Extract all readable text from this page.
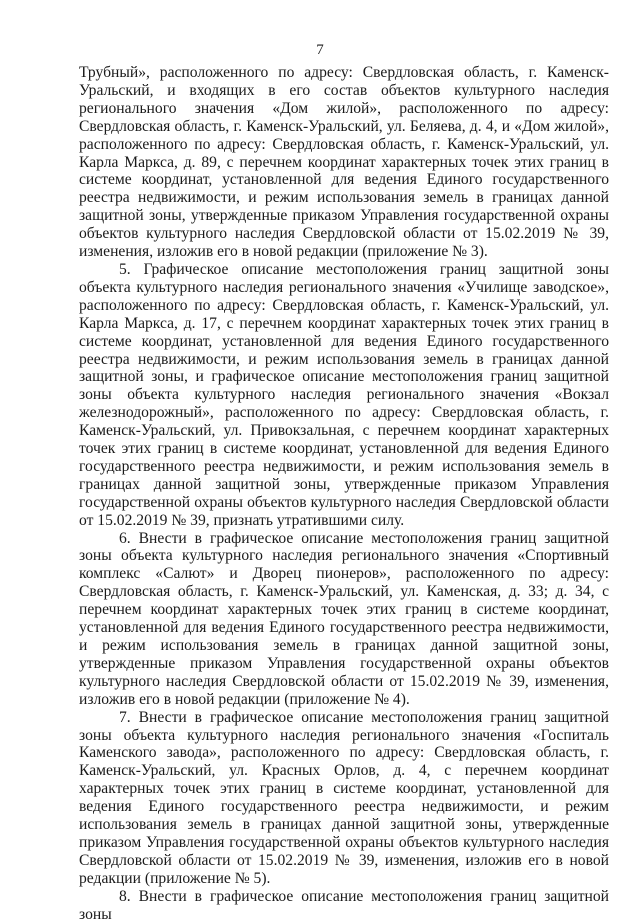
7

Трубный», расположенного по адресу: Свердловская область, г. Каменск-Уральский, и входящих в его состав объектов культурного наследия регионального значения «Дом жилой», расположенного по адресу: Свердловская область, г. Каменск-Уральский, ул. Беляева, д. 4, и «Дом жилой», расположенного по адресу: Свердловская область, г. Каменск-Уральский, ул. Карла Маркса, д. 89, с перечнем координат характерных точек этих границ в системе координат, установленной для ведения Единого государственного реестра недвижимости, и режим использования земель в границах данной защитной зоны, утвержденные приказом Управления государственной охраны объектов культурного наследия Свердловской области от 15.02.2019 № 39, изменения, изложив его в новой редакции (приложение № 3).

5. Графическое описание местоположения границ защитной зоны объекта культурного наследия регионального значения «Училище заводское», расположенного по адресу: Свердловская область, г. Каменск-Уральский, ул. Карла Маркса, д. 17, с перечнем координат характерных точек этих границ в системе координат, установленной для ведения Единого государственного реестра недвижимости, и режим использования земель в границах данной защитной зоны, и графическое описание местоположения границ защитной зоны объекта культурного наследия регионального значения «Вокзал железнодорожный», расположенного по адресу: Свердловская область, г. Каменск-Уральский, ул. Привокзальная, с перечнем координат характерных точек этих границ в системе координат, установленной для ведения Единого государственного реестра недвижимости, и режим использования земель в границах данной защитной зоны, утвержденные приказом Управления государственной охраны объектов культурного наследия Свердловской области от 15.02.2019 № 39, признать утратившими силу.

6. Внести в графическое описание местоположения границ защитной зоны объекта культурного наследия регионального значения «Спортивный комплекс «Салют» и Дворец пионеров», расположенного по адресу: Свердловская область, г. Каменск-Уральский, ул. Каменская, д. 33; д. 34, с перечнем координат характерных точек этих границ в системе координат, установленной для ведения Единого государственного реестра недвижимости, и режим использования земель в границах данной защитной зоны, утвержденные приказом Управления государственной охраны объектов культурного наследия Свердловской области от 15.02.2019 № 39, изменения, изложив его в новой редакции (приложение № 4).

7. Внести в графическое описание местоположения границ защитной зоны объекта культурного наследия регионального значения «Госпиталь Каменского завода», расположенного по адресу: Свердловская область, г. Каменск-Уральский, ул. Красных Орлов, д. 4, с перечнем координат характерных точек этих границ в системе координат, установленной для ведения Единого государственного реестра недвижимости, и режим использования земель в границах данной защитной зоны, утвержденные приказом Управления государственной охраны объектов культурного наследия Свердловской области от 15.02.2019 № 39, изменения, изложив его в новой редакции (приложение № 5).

8. Внести в графическое описание местоположения границ защитной зоны
